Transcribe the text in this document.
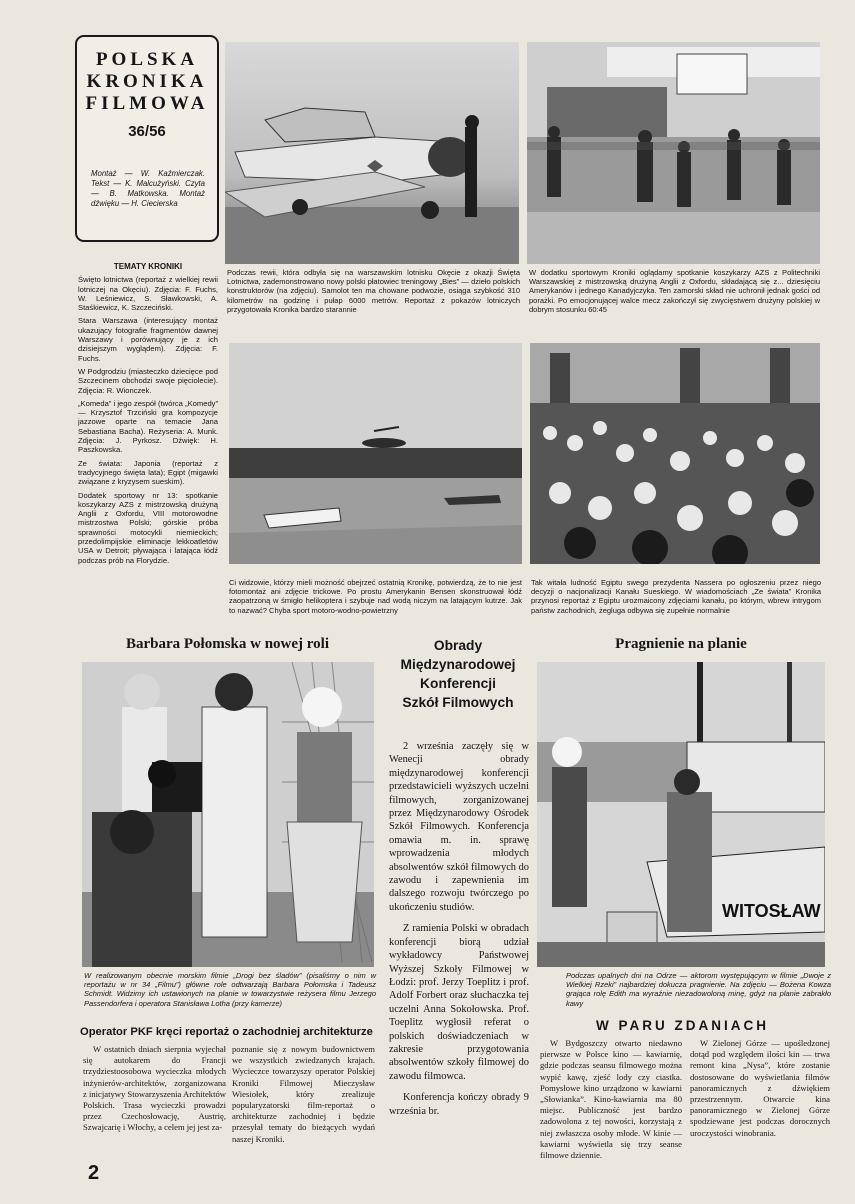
POLSKA
KRONIKA
FILMOWA
36/56
Montaż — W. Kaźmierczak. Tekst — K. Malcużyński. Czyta — B. Matkowska. Montaż dźwięku — H. Ciecierska
TEMATY KRONIKI

Święto lotnictwa (reportaż z wielkiej rewii lotniczej na Okęciu). Zdjęcia: F. Fuchs, W. Leśniewicz, S. Sławkowski, A. Staśkiewicz, K. Szczeciński.

Stara Warszawa (interesujący montaż ukazujący fotografie fragmentów dawnej Warszawy i porównujący je z ich dzisiejszym wyglądem). Zdjęcia: F. Fuchs.

W Podgrodziu (miasteczko dziecięce pod Szczecinem obchodzi swoje pięciolecie). Zdjęcia: R. Wionczek.

„Komeda” i jego zespół (twórca „Komedy” — Krzysztof Trzciński gra kompozycje jazzowe oparte na temacie Jana Sebastiana Bacha). Reżyseria: A. Munk. Zdjęcia: J. Pyrkosz. Dźwięk: H. Paszkowska.

Ze świata: Japonia (reportaż z tradycyjnego święta lata); Egipt (migawki związane z kryzysem sueskim).

Dodatek sportowy nr 13: spotkanie koszykarzy AZS z mistrzowską drużyną Anglii z Oxfordu, VIII motorowodne mistrzostwa Polski; górskie próba sprawności motocykli niemieckich; przedolimpijskie eliminacje lekkoatletów USA w Detroit; pływająca i latająca łódź podczas prób na Florydzie.

Podczas rewii, która odbyła się na warszawskim lotnisku Okęcie z okazji Święta Lotnictwa, zademonstrowano nowy polski płatowiec treningowy „Bies” — dzieło polskich konstruktorów (na zdjęciu). Samolot ten ma chowane podwozie, osiąga szybkość 310 kilometrów na godzinę i pułap 6000 metrów. Reportaż z pokazów lotniczych przygotowała Kronika bardzo starannie

W dodatku sportowym Kroniki oglądamy spotkanie koszykarzy AZS z Politechniki Warszawskiej z mistrzowską drużyną Anglii z Oxfordu, składającą się z... dziesięciu Amerykanów i jednego Kanadyjczyka. Ten zamorski skład nie uchronił jednak gości od porażki. Po emocjonującej walce mecz zakończył się zwycięstwem drużyny polskiej w dobrym stosunku 60:45

Ci widzowie, którzy mieli możność obejrzeć ostatnią Kronikę, potwierdzą, że to nie jest fotomontaż ani zdjęcie trickowe. Po prostu Amerykanin Bensen skonstruował łódź zaopatrzoną w śmigło helikoptera i szybuje nad wodą niczym na latającym kutrze. Jak to nazwać? Chyba sport motoro-wodno-powietrzny

Tak witała ludność Egiptu swego prezydenta Nassera po ogłoszeniu przez niego decyzji o nacjonalizacji Kanału Sueskiego. W wiadomościach „Ze świata” Kronika przynosi reportaż z Egiptu urozmaicony zdjęciami kanału, po którym, wbrew intrygom państw zachodnich, żegluga odbywa się zupełnie normalnie

Barbara Połomska w nowej roli

W realizowanym obecnie morskim filmie „Drogi bez śladów” (pisaliśmy o nim w reportażu w nr 34 „Filmu”) główne role odtwarzają Barbara Połomska i Tadeusz Schmidt. Widzimy ich ustawionych na planie w towarzystwie reżysera filmu Jerzego Passendorfera i operatora Stanisława Lotha (przy kamerze)

Operator PKF kręci reportaż o zachodniej architekturze

W ostatnich dniach sierpnia wyjechał się autokarem do Francji trzydziestoosobowa wycieczka młodych inżynierów-architektów, zorganizowana z inicjatywy Stowarzyszenia Architektów Polskich. Trasa wycieczki prowadzi przez Czechosłowację, Austrię, Szwajcarię i Włochy, a celem jej jest za-

poznanie się z nowym budownictwem we wszystkich zwiedzanych krajach. Wycieczce towarzyszy operator Polskiej Kroniki Filmowej Mieczysław Wiesiołek, który zrealizuje popularyzatorski film-reportaż o architekturze zachodniej i będzie przesyłał tematy do bieżących wydań naszej Kroniki.

Obrady
Międzynarodowej
Konferencji
Szkół Filmowych

2 września zaczęły się w Wenecji obrady międzynarodowej konferencji przedstawicieli wyższych uczelni filmowych, zorganizowanej przez Międzynarodowy Ośrodek Szkół Filmowych. Konferencja omawia m. in. sprawę wprowadzenia młodych absolwentów szkół filmowych do zawodu i zapewnienia im dalszego rozwoju twórczego po ukończeniu studiów.

Z ramienia Polski w obradach konferencji biorą udział wykładowcy Państwowej Wyższej Szkoły Filmowej w Łodzi: prof. Jerzy Toeplitz i prof. Adolf Forbert oraz słuchaczka tej uczelni Anna Sokołowska. Prof. Toeplitz wygłosił referat o polskich doświadczeniach w zakresie przygotowania absolwentów szkoły filmowej do zawodu filmowca.

Konferencja kończy obrady 9 września br.

Pragnienie na planie
WITOSŁAW

Podczas upalnych dni na Odrze — aktorom występującym w filmie „Dwoje z Wielkiej Rzeki” najbardziej dokucza pragnienie. Na zdjęciu — Bożena Kowza grająca rolę Edith ma wyraźnie niezadowoloną minę, gdyż na planie zabrakło kawy

W PARU ZDANIACH

W Bydgoszczy otwarto niedawno pierwsze w Polsce kino — kawiarnię, gdzie podczas seansu filmowego można wypić kawę, zjeść lody czy ciastka. Pomysłowe kino urządzono w kawiarni „Słowianka”. Kino-kawiarnia ma 80 miejsc. Publiczność jest bardzo zadowolona z tej nowości, korzystają z niej zwłaszcza osoby młode. W kinie — kawiarni wyświetla się trzy seanse filmowe dziennie.

W Zielonej Górze — upośledzonej dotąd pod względem ilości kin — trwa remont kina „Nysa”, które zostanie dostosowane do wyświetlania filmów panoramicznych z dźwiękiem przestrzennym. Otwarcie kina panoramicznego w Zielonej Górze spodziewane jest podczas dorocznych uroczystości winobrania.

2
